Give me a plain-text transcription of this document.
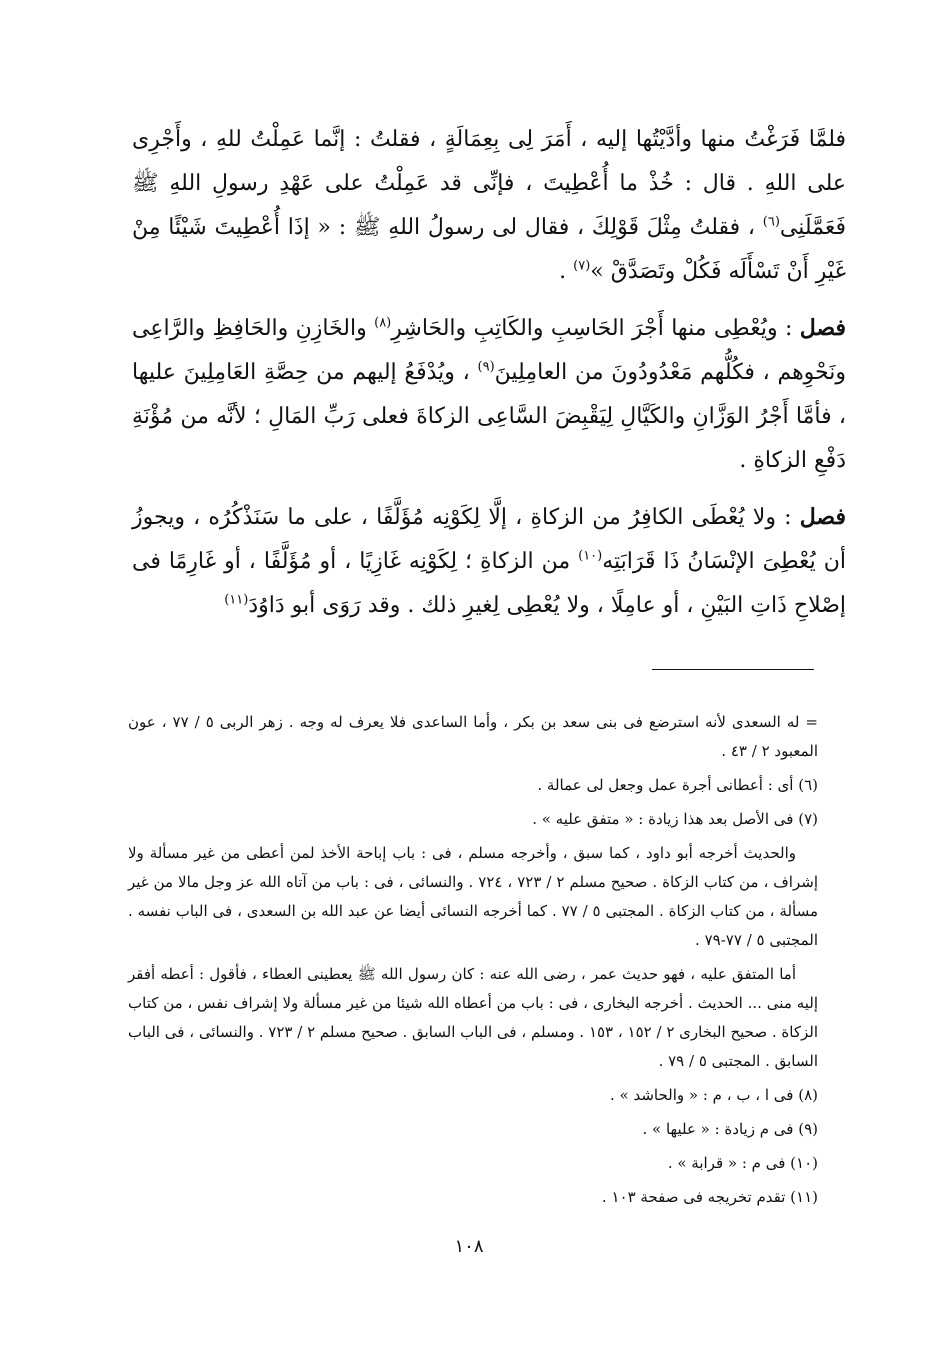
فلمَّا فَرَغْتُ منها وأدَّيْتُها إليه ، أَمَرَ لِى بِعِمَالَةٍ ، فقلتُ : إنَّما عَمِلْتُ للهِ ، وأَجْرِى على اللهِ . قال : خُذْ ما أُعْطِيتَ ، فإنِّى قد عَمِلْتُ على عَهْدِ رسولِ اللهِ ﷺ فَعَمَّلَنِى$^{(٦)}$ ، فقلتُ مِثْلَ قَوْلِكَ ، فقال لى رسولُ اللهِ ﷺ : « إذَا أُعْطِيتَ شَيْئًا مِنْ غَيْرِ أَنْ تَسْأَلَه فَكُلْ وتَصَدَّقْ »$^{(٧)}$ .

فصل : ويُعْطِى منها أَجْرَ الحَاسِبِ والكَاتِبِ والحَاشِرِ$^{(٨)}$ والخَازِنِ والحَافِظِ والرَّاعِى ونَحْوِهم ، فكُلُّهم مَعْدُودُونَ من العامِلِينَ$^{(٩)}$ ، ويُدْفَعُ إليهم من حِصَّةِ العَامِلِينَ عليها ، فأمَّا أَجْرُ الوَزَّانِ والكَيَّالِ لِيَقْبِضَ السَّاعِى الزكاةَ فعلى رَبِّ المَالِ ؛ لأنَّه من مُؤْنَةِ دَفْعِ الزكاةِ .

فصل : ولا يُعْطَى الكافِرُ من الزكاةِ ، إلَّا لِكَوْنِه مُؤَلَّفًا ، على ما سَنَذْكُرُه ، ويجوزُ أن يُعْطِىَ الإنْسَانُ ذَا قَرَابَتِه$^{(١٠)}$ من الزكاةِ ؛ لِكَوْنِه غَازِيًا ، أو مُؤَلَّفًا ، أو غَارِمًا فى إصْلاحِ ذَاتِ البَيْنِ ، أو عامِلًا ، ولا يُعْطِى لِغيرِ ذلك . وقد رَوَى أبو دَاوُدَ$^{(١١)}$

= له السعدى لأنه استرضع فى بنى سعد بن بكر ، وأما الساعدى فلا يعرف له وجه . زهر الربى ٥ / ٧٧ ، عون المعبود ٢ / ٤٣ .

(٦) أى : أعطانى أجرة عمل وجعل لى عمالة .

(٧) فى الأصل بعد هذا زيادة : « متفق عليه » .

والحديث أخرجه أبو داود ، كما سبق ، وأخرجه مسلم ، فى : باب إباحة الأخذ لمن أعطى من غير مسألة ولا إشراف ، من كتاب الزكاة . صحيح مسلم ٢ / ٧٢٣ ، ٧٢٤ . والنسائى ، فى : باب من آتاه الله عز وجل مالا من غير مسألة ، من كتاب الزكاة . المجتبى ٥ / ٧٧ . كما أخرجه النسائى أيضا عن عبد الله بن السعدى ، فى الباب نفسه . المجتبى ٥ / ٧٧-٧٩ .

أما المتفق عليه ، فهو حديث عمر ، رضى الله عنه : كان رسول الله ﷺ يعطينى العطاء ، فأقول : أعطه أفقر إليه منى ... الحديث . أخرجه البخارى ، فى : باب من أعطاه الله شيئا من غير مسألة ولا إشراف نفس ، من كتاب الزكاة . صحيح البخارى ٢ / ١٥٢ ، ١٥٣ . ومسلم ، فى الباب السابق . صحيح مسلم ٢ / ٧٢٣ . والنسائى ، فى الباب السابق . المجتبى ٥ / ٧٩ .

(٨) فى ا ، ب ، م : « والحاشد » .

(٩) فى م زيادة : « عليها » .

(١٠) فى م : « قرابة » .

(١١) تقدم تخريجه فى صفحة ١٠٣ .

١٠٨
